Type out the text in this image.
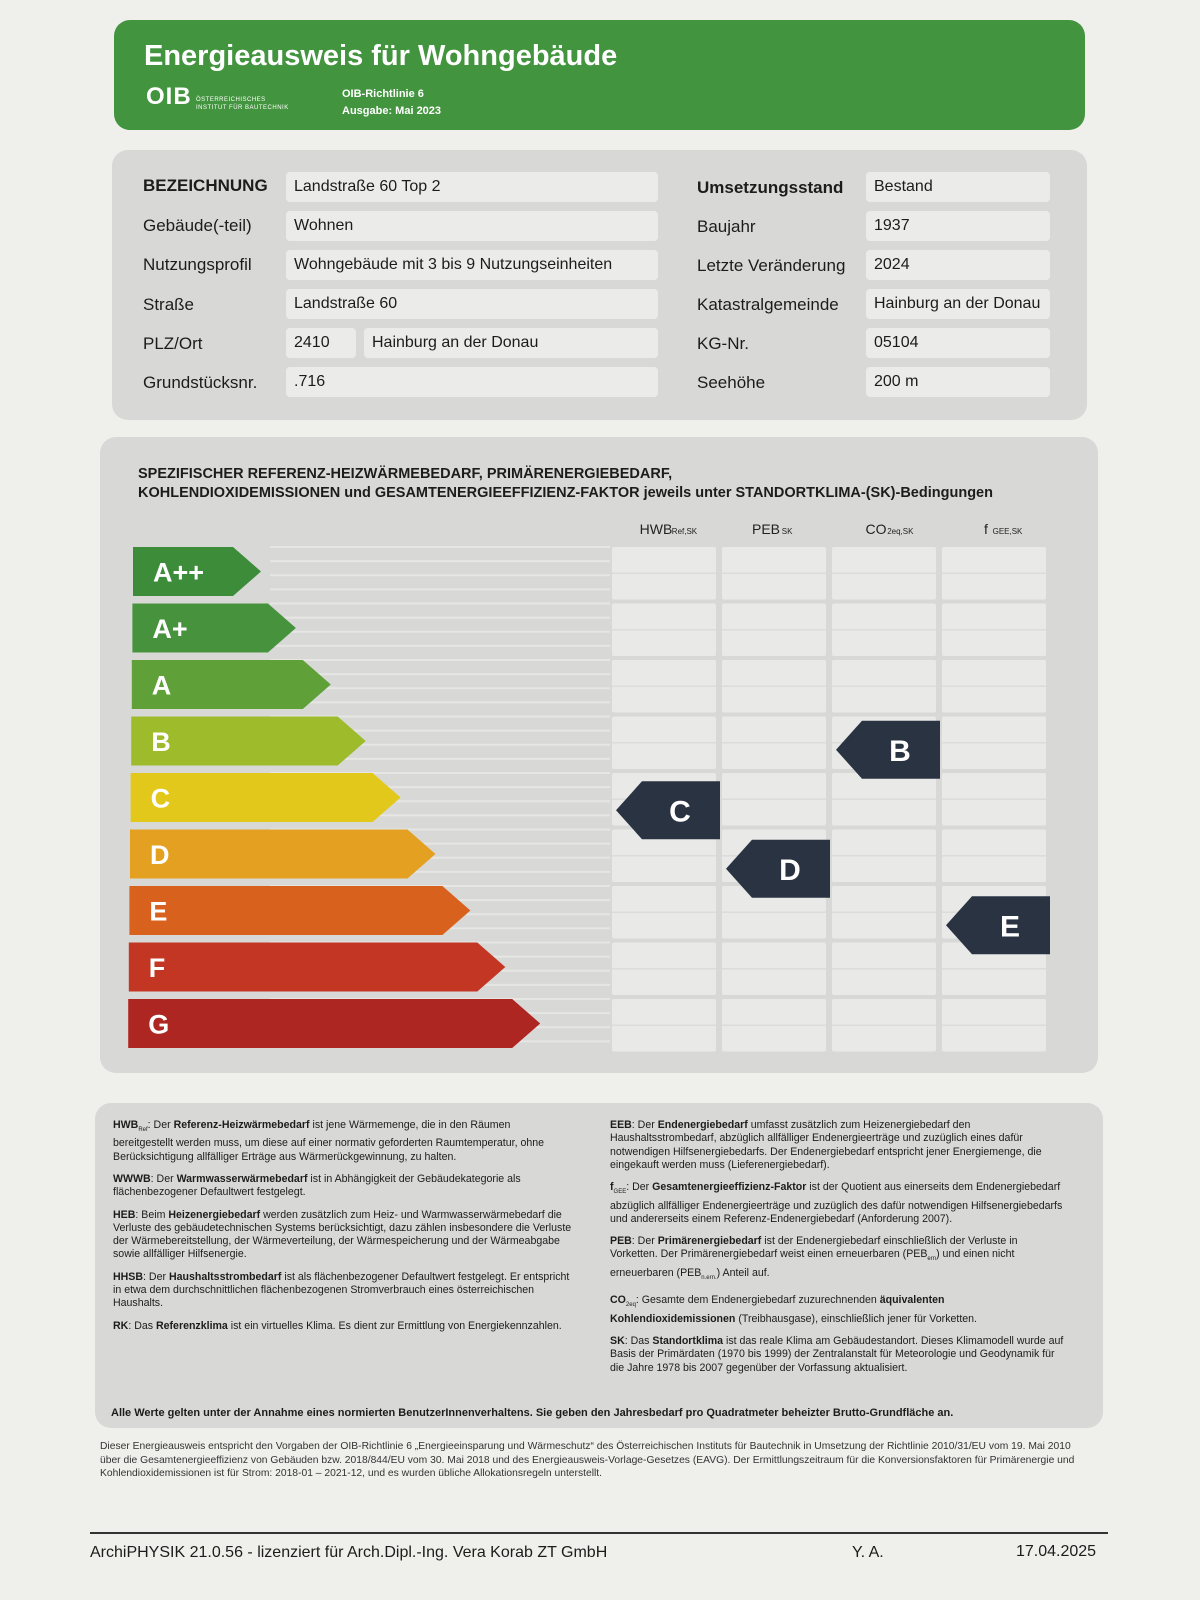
Energieausweis für Wohngebäude
OIB ÖSTERREICHISCHES
INSTITUT FÜR BAUTECHNIK
OIB-Richtlinie 6
Ausgabe: Mai 2023
BEZEICHNUNG	Landstraße 60 Top 2
Gebäude(-teil)	Wohnen
Nutzungsprofil	Wohngebäude mit 3 bis 9 Nutzungseinheiten
Straße	Landstraße 60
PLZ/Ort	2410	Hainburg an der Donau
Grundstücksnr.	.716
Umsetzungsstand	Bestand
Baujahr	1937
Letzte Veränderung	2024
Katastralgemeinde	Hainburg an der Donau
KG-Nr.	05104
Seehöhe	200 m
SPEZIFISCHER REFERENZ-HEIZWÄRMEBEDARF, PRIMÄRENERGIEBEDARF,
KOHLENDIOXIDEMISSIONEN und GESAMTENERGIEEFFIZIENZ-FAKTOR jeweils unter STANDORTKLIMA-(SK)-Bedingungen
HWB Ref,SK	PEB SK	CO 2eq,SK	f GEE,SK
A++
A+
A
B
C
D
E
F
G
C
D
B
E

$HWB_{Ref}$: Der Referenz-Heizwärmebedarf ist jene Wärmemenge, die in den Räumen bereitgestellt werden muss, um diese auf einer normativ geforderten Raumtemperatur, ohne Berücksichtigung allfälliger Erträge aus Wärmerückgewinnung, zu halten.

WWWB: Der Warmwasserwärmebedarf ist in Abhängigkeit der Gebäudekategorie als flächenbezogener Defaultwert festgelegt.

HEB: Beim Heizenergiebedarf werden zusätzlich zum Heiz- und Warmwasserwärmebedarf die Verluste des gebäudetechnischen Systems berücksichtigt, dazu zählen insbesondere die Verluste der Wärmebereitstellung, der Wärmeverteilung, der Wärmespeicherung und der Wärmeabgabe sowie allfälliger Hilfsenergie.

HHSB: Der Haushaltsstrombedarf ist als flächenbezogener Defaultwert festgelegt. Er entspricht in etwa dem durchschnittlichen flächenbezogenen Stromverbrauch eines österreichischen Haushalts.

RK: Das Referenzklima ist ein virtuelles Klima. Es dient zur Ermittlung von Energiekennzahlen.

EEB: Der Endenergiebedarf umfasst zusätzlich zum Heizenergiebedarf den Haushaltsstrombedarf, abzüglich allfälliger Endenergieerträge und zuzüglich eines dafür notwendigen Hilfsenergiebedarfs. Der Endenergiebedarf entspricht jener Energiemenge, die eingekauft werden muss (Lieferenergiebedarf).

$f_{GEE}$: Der Gesamtenergieeffizienz-Faktor ist der Quotient aus einerseits dem Endenergiebedarf abzüglich allfälliger Endenergieerträge und zuzüglich des dafür notwendigen Hilfsenergiebedarfs und andererseits einem Referenz-Endenergiebedarf (Anforderung 2007).

PEB: Der Primärenergiebedarf ist der Endenergiebedarf einschließlich der Verluste in Vorketten. Der Primärenergiebedarf weist einen erneuerbaren $(PEB_{ern})$ und einen nicht erneuerbaren $(PEB_{n.ern.})$ Anteil auf.

$CO_{2eq}$: Gesamte dem Endenergiebedarf zuzurechnenden äquivalenten Kohlendioxidemissionen (Treibhausgase), einschließlich jener für Vorketten.

SK: Das Standortklima ist das reale Klima am Gebäudestandort. Dieses Klimamodell wurde auf Basis der Primärdaten (1970 bis 1999) der Zentralanstalt für Meteorologie und Geodynamik für die Jahre 1978 bis 2007 gegenüber der Vorfassung aktualisiert.

Alle Werte gelten unter der Annahme eines normierten BenutzerInnenverhaltens. Sie geben den Jahresbedarf pro Quadratmeter beheizter Brutto-Grundfläche an.
Dieser Energieausweis entspricht den Vorgaben der OIB-Richtlinie 6 „Energieeinsparung und Wärmeschutz“ des Österreichischen Instituts für Bautechnik in Umsetzung der Richtlinie 2010/31/EU vom 19. Mai 2010 über die Gesamtenergieeffizienz von Gebäuden bzw. 2018/844/EU vom 30. Mai 2018 und des Energieausweis-Vorlage-Gesetzes (EAVG). Der Ermittlungszeitraum für die Konversionsfaktoren für Primärenergie und Kohlendioxidemissionen ist für Strom: 2018-01 – 2021-12, und es wurden übliche Allokationsregeln unterstellt.
ArchiPHYSIK 21.0.56 - lizenziert für Arch.Dipl.-Ing. Vera Korab ZT GmbH	Y. A.	17.04.2025
